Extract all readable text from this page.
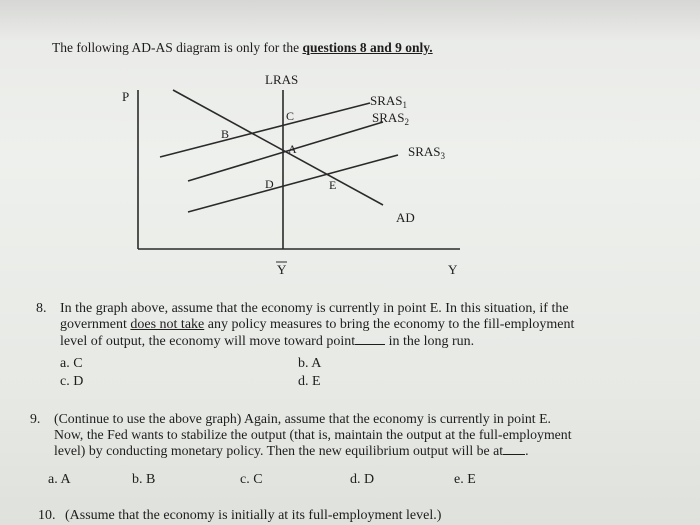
The following AD-AS diagram is only for the questions 8 and 9 only.
P
Y
Y
LRAS
$SRAS_1$
$SRAS_2$
$SRAS_3$
AD
B
C
A
D	E
8. In the graph above, assume that the economy is currently in point E. In this situation, if the
government does not take any policy measures to bring the economy to the fill-employment
level of output, the economy will move toward point in the long run.
a. C	b. A
c. D	d. E
9. (Continue to use the above graph) Again, assume that the economy is currently in point E.
Now, the Fed wants to stabilize the output (that is, maintain the output at the full-employment
level) by conducting monetary policy. Then the new equilibrium output will be at .
a. A	b. B	c. C	d. D	e. E
10. (Assume that the economy is initially at its full-employment level.)
